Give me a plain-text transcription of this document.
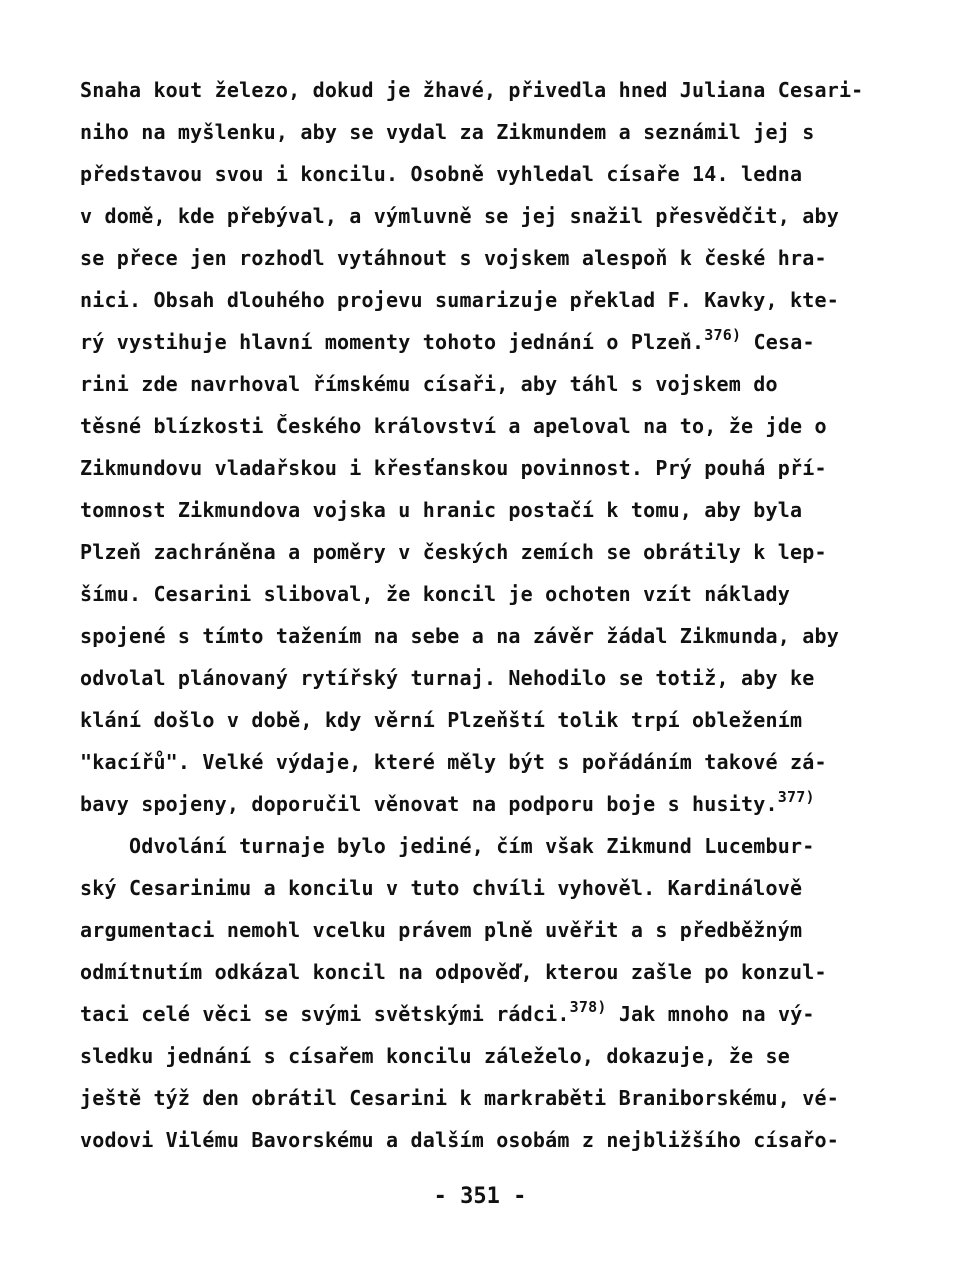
Snaha kout železo, dokud je žhavé, přivedla hned Juliana Cesari-
niho na myšlenku, aby se vydal za Zikmundem a seznámil jej s
představou svou i koncilu. Osobně vyhledal císaře 14. ledna
v domě, kde přebýval, a výmluvně se jej snažil přesvědčit, aby
se přece jen rozhodl vytáhnout s vojskem alespoň k české hra-
nici. Obsah dlouhého projevu sumarizuje překlad F. Kavky, kte-
rý vystihuje hlavní momenty tohoto jednání o Plzeň.$^{376)}$ Cesa-
rini zde navrhoval římskému císaři, aby táhl s vojskem do
těsné blízkosti Českého království a apeloval na to, že jde o
Zikmundovu vladařskou i křesťanskou povinnost. Prý pouhá pří-
tomnost Zikmundova vojska u hranic postačí k tomu, aby byla
Plzeň zachráněna a poměry v českých zemích se obrátily k lep-
šímu. Cesarini sliboval, že koncil je ochoten vzít náklady
spojené s tímto tažením na sebe a na závěr žádal Zikmunda, aby
odvolal plánovaný rytířský turnaj. Nehodilo se totiž, aby ke
klání došlo v době, kdy věrní Plzeňští tolik trpí obležením
"kacířů". Velké výdaje, které měly být s pořádáním takové zá-
bavy spojeny, doporučil věnovat na podporu boje s husity.$^{377)}$
Odvolání turnaje bylo jediné, čím však Zikmund Lucembur-
ský Cesarinimu a koncilu v tuto chvíli vyhověl. Kardinálově
argumentaci nemohl vcelku právem plně uvěřit a s předběžným
odmítnutím odkázal koncil na odpověď, kterou zašle po konzul-
taci celé věci se svými světskými rádci.$^{378)}$ Jak mnoho na vý-
sledku jednání s císařem koncilu záleželo, dokazuje, že se
ještě týž den obrátil Cesarini k markraběti Braniborskému, vé-
vodovi Vilému Bavorskému a dalším osobám z nejbližšího císařo-
- 351 -
